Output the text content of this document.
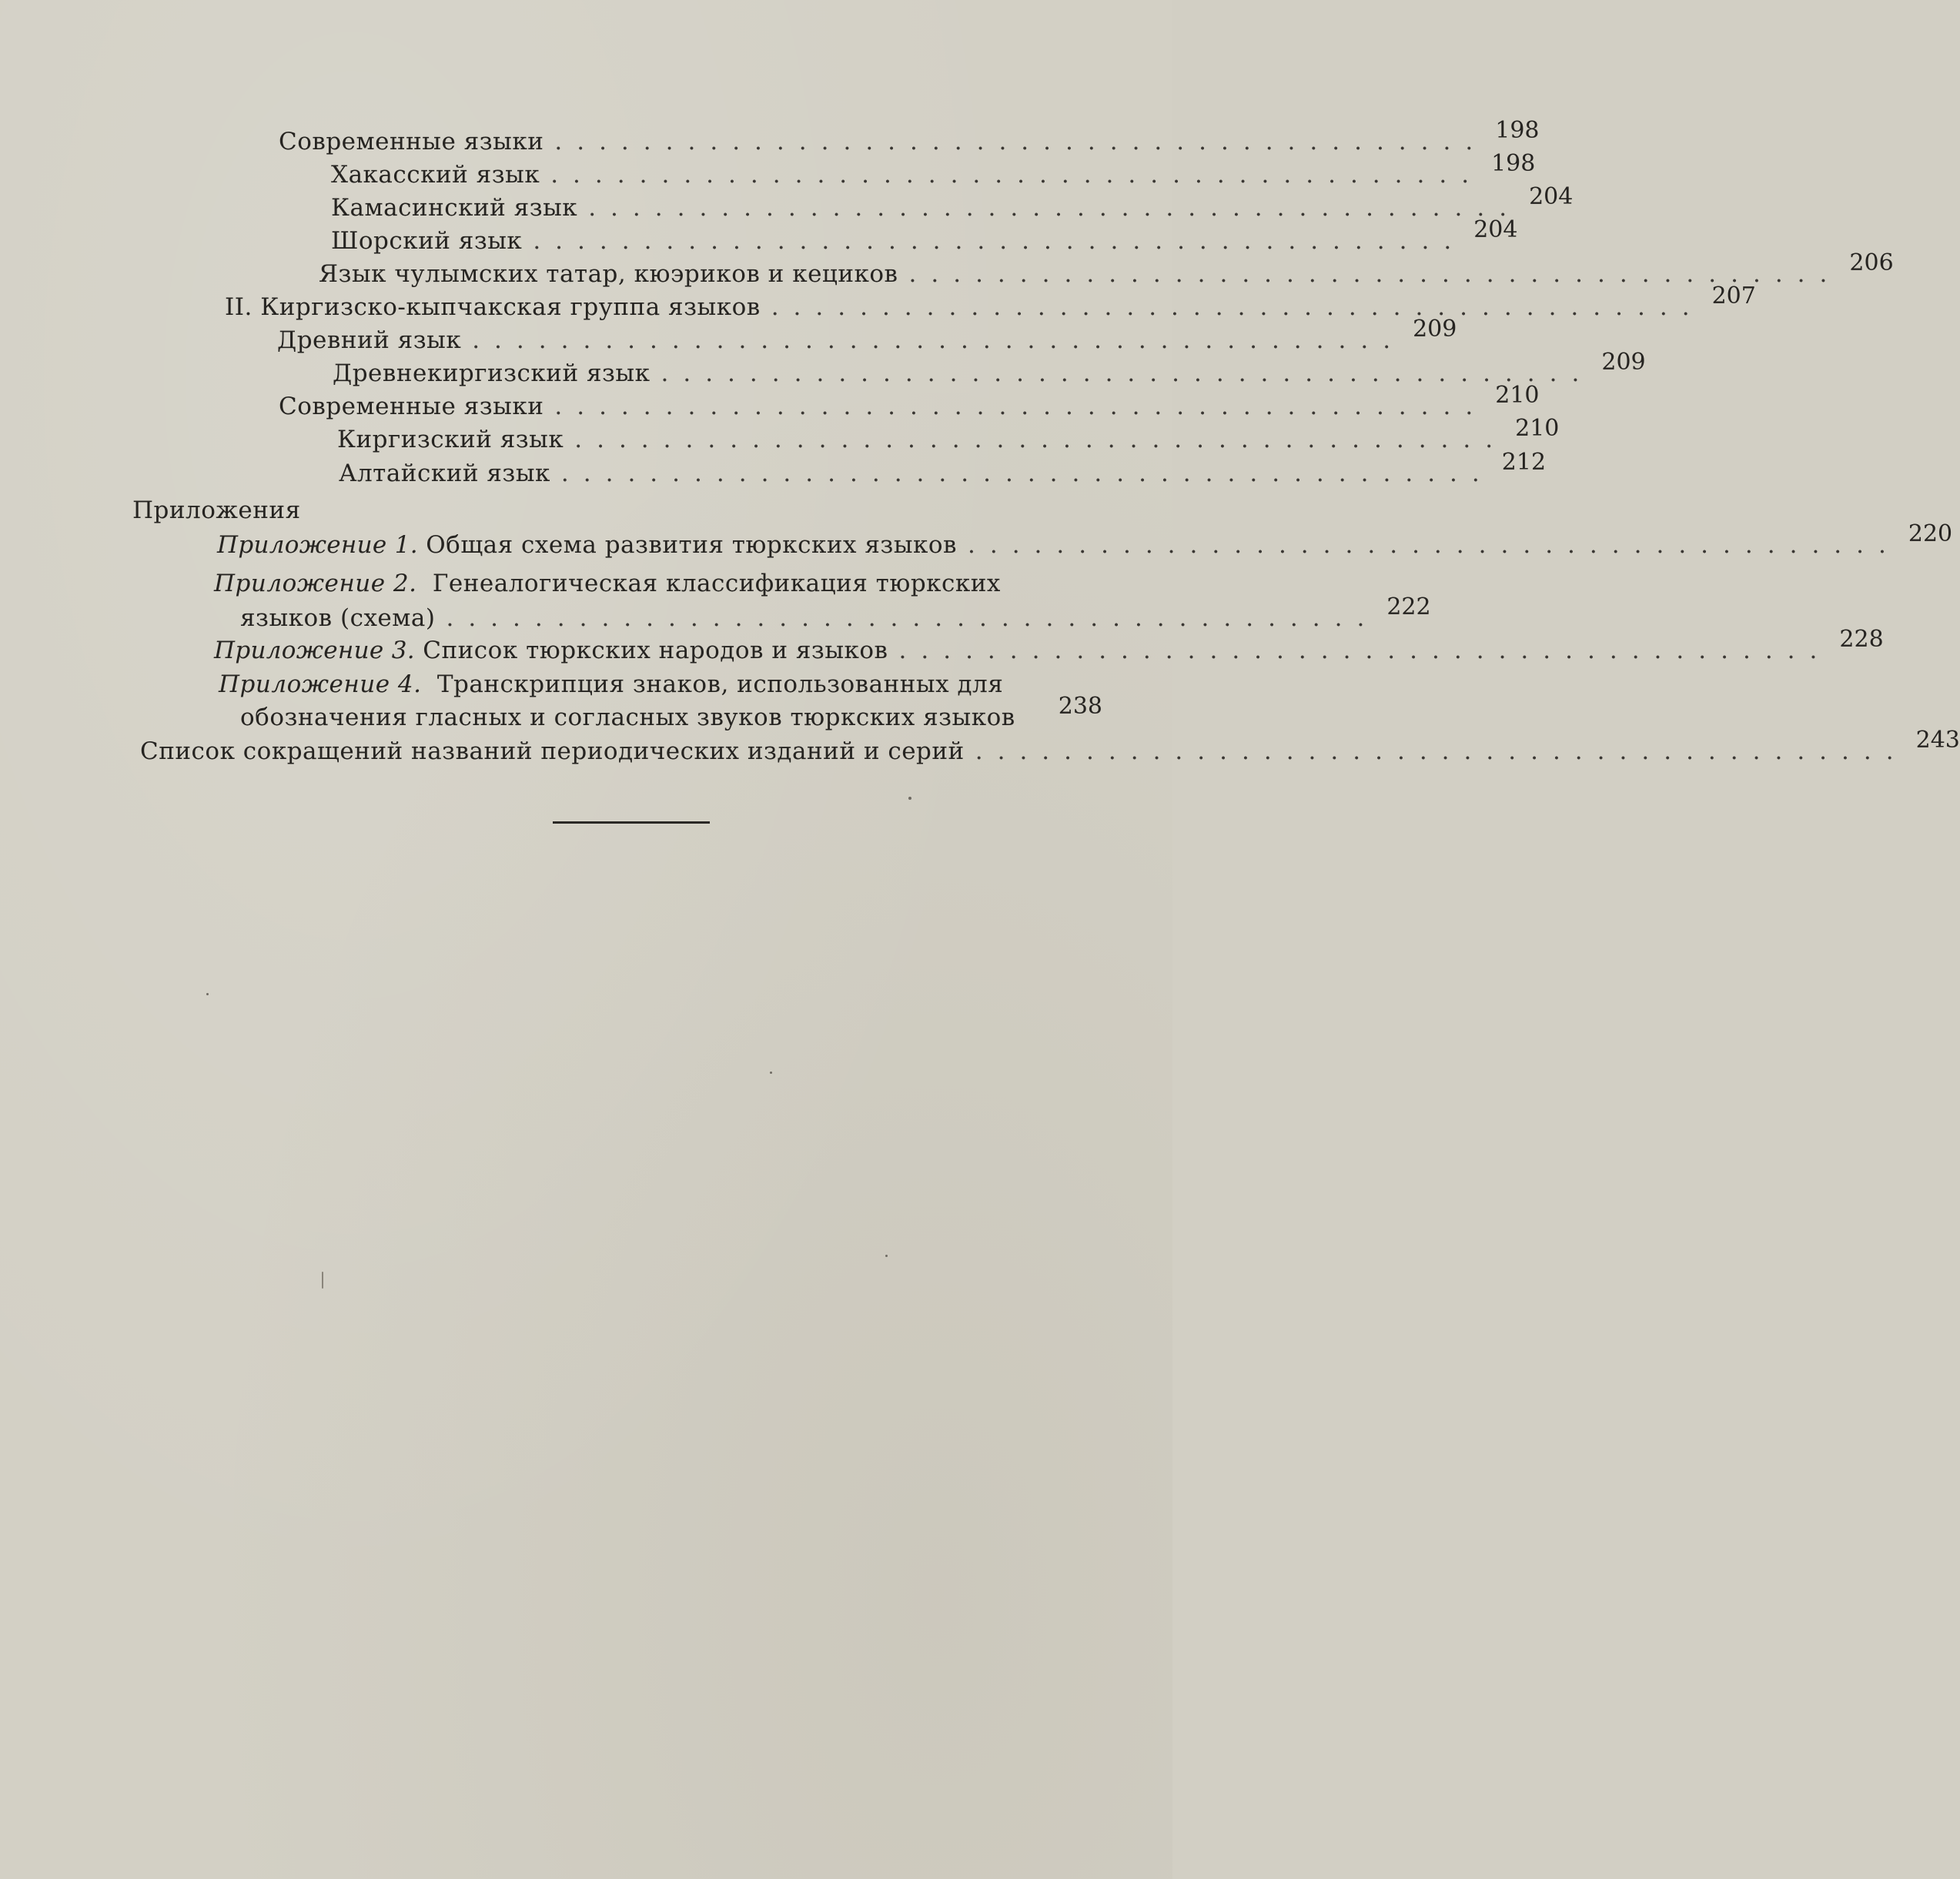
Современные языки .......................................... 198
Хакасский язык .......................................... 198
Камасинский язык .......................................... 204
Шорский язык .......................................... 204
Язык чулымских татар, кюэриков и кециков .......................................... 206
II. Киргизско-кыпчакская группа языков .......................................... 207
Древний язык .......................................... 209
Древнекиргизский язык .......................................... 209
Современные языки .......................................... 210
Киргизский язык .......................................... 210
Алтайский язык .......................................... 212
Приложения
Приложение 1. Общая схема развития тюркских языков .......................................... 220
Приложение 2. Генеалогическая классификация тюркских
языков (схема) .......................................... 222
Приложение 3. Список тюркских народов и языков .......................................... 228
Приложение 4. Транскрипция знаков, использованных для
обозначения гласных и согласных звуков тюркских языков 238
Список сокращений названий периодических изданий и серий .......................................... 243
